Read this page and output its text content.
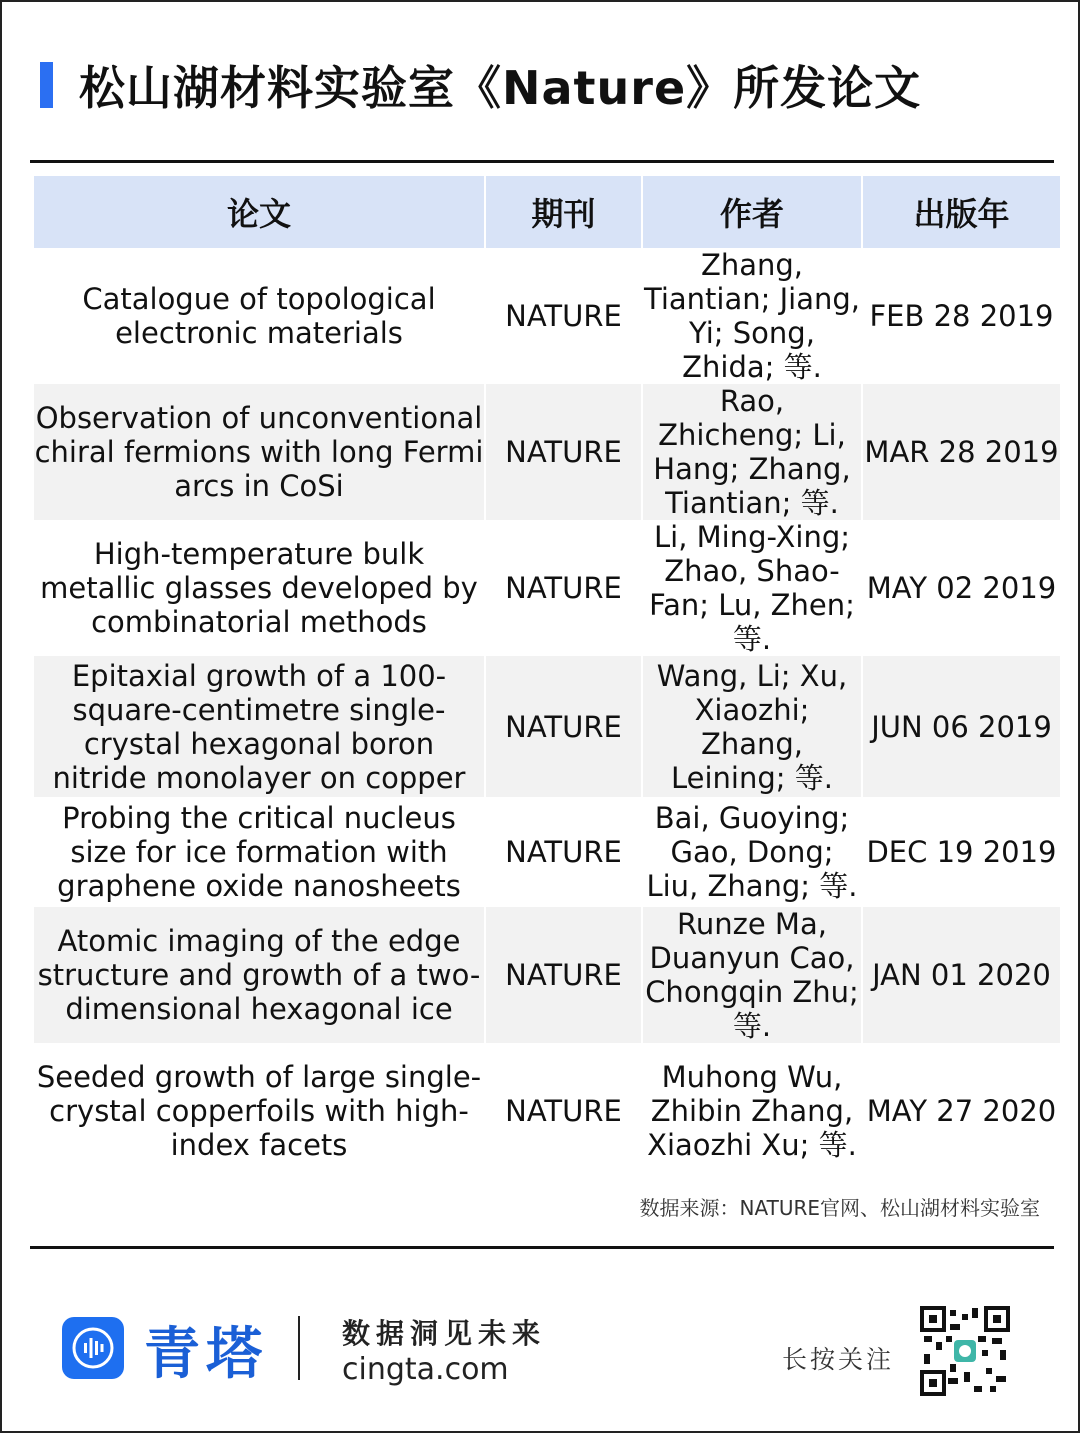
松山湖材料实验室《Nature》所发论文
论文	期刊	作者	出版年
Catalogue of topological electronic materials	NATURE	Zhang, Tiantian; Jiang, Yi; Song, Zhida; 等.	FEB 28 2019
Observation of unconventional chiral fermions with long Fermi arcs in CoSi	NATURE	Rao, Zhicheng; Li, Hang; Zhang, Tiantian; 等.	MAR 28 2019
High-temperature bulk metallic glasses developed by combinatorial methods	NATURE	Li, Ming-Xing; Zhao, Shao-Fan; Lu, Zhen; 等.	MAY 02 2019
Epitaxial growth of a 100-square-centimetre single-crystal hexagonal boron nitride monolayer on copper	NATURE	Wang, Li; Xu, Xiaozhi; Zhang, Leining; 等.	JUN 06 2019
Probing the critical nucleus size for ice formation with graphene oxide nanosheets	NATURE	Bai, Guoying; Gao, Dong; Liu, Zhang; 等.	DEC 19 2019
Atomic imaging of the edge structure and growth of a two-dimensional hexagonal ice	NATURE	Runze Ma, Duanyun Cao, Chongqin Zhu; 等.	JAN 01 2020
Seeded growth of large single-crystal copperfoils with high-index facets	NATURE	Muhong Wu, Zhibin Zhang, Xiaozhi Xu; 等.	MAY 27 2020
数据来源：NATURE官网、松山湖材料实验室
青塔	数据洞见未来
cingta.com	长按关注
